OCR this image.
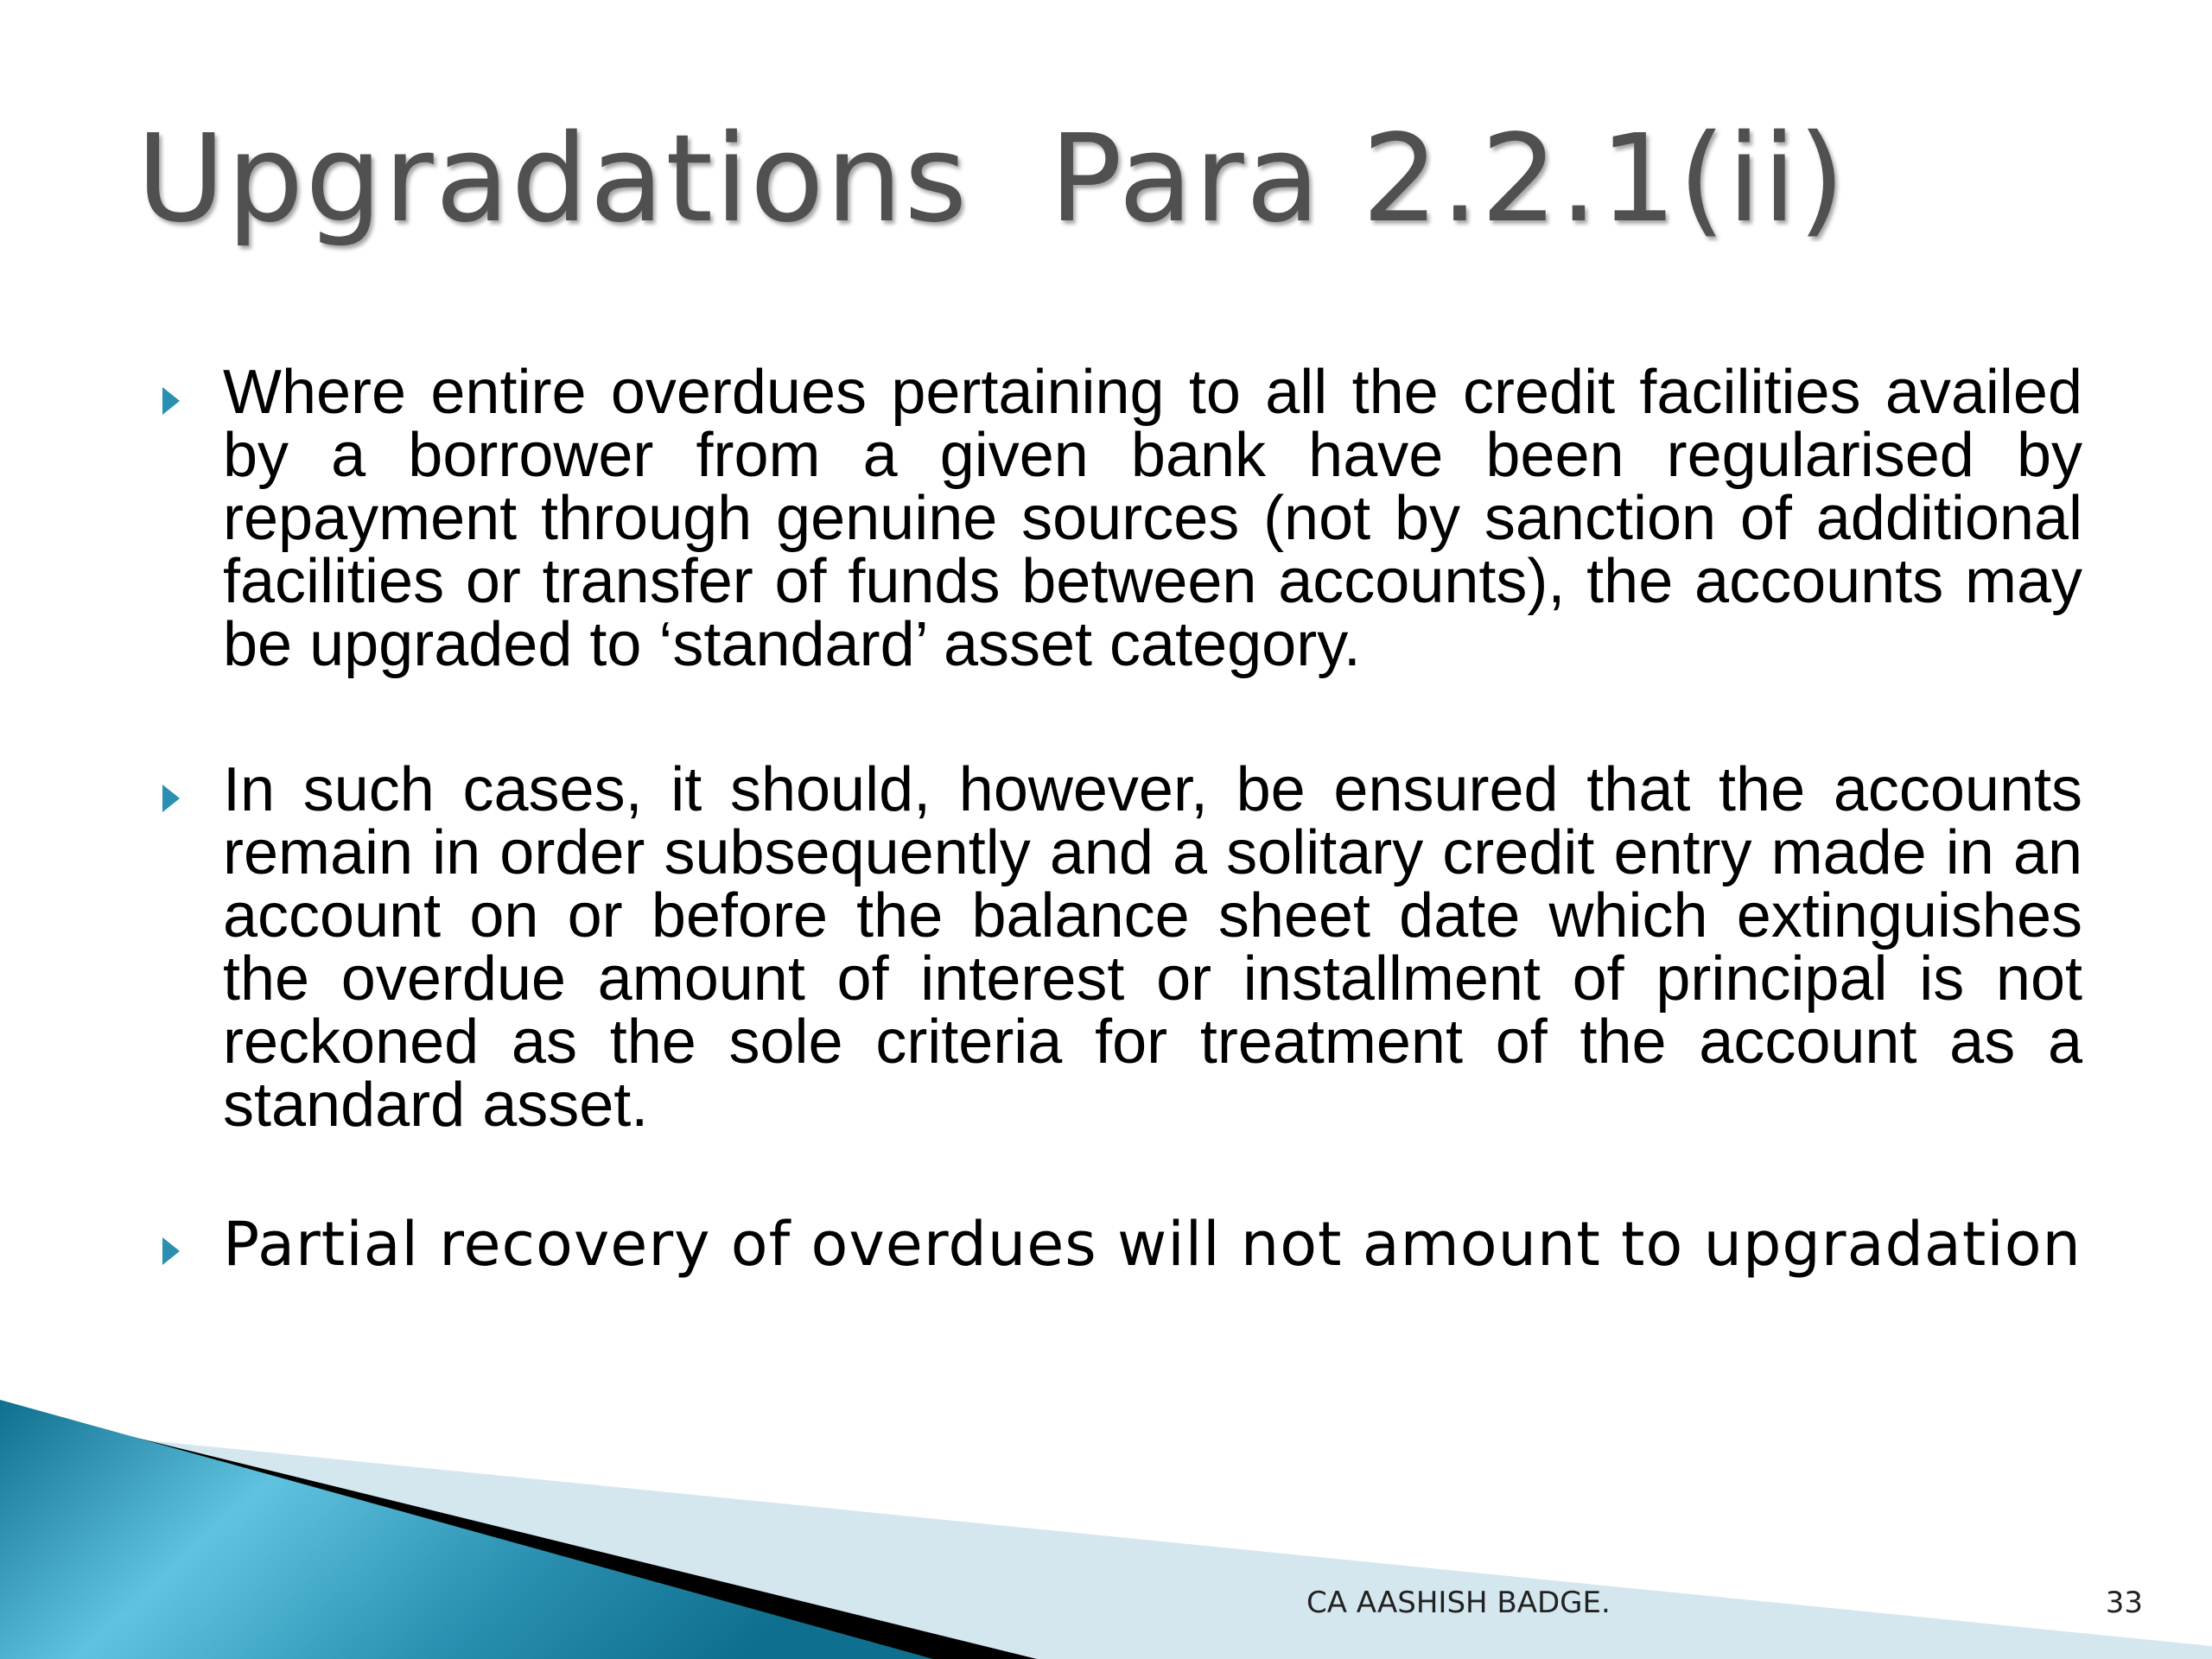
Upgradations  Para 2.2.1(ii)
Where entire overdues pertaining to all the credit facilities availed by a borrower from a given bank have been regularised by repayment through genuine sources (not by sanction of additional facilities or transfer of funds between accounts), the accounts may be upgraded to ‘standard’ asset category.
In such cases, it should, however, be ensured that the accounts remain in order subsequently and a solitary credit entry made in an account on or before the balance sheet date which extinguishes the overdue amount of interest or installment of principal is not reckoned as the sole criteria for treatment of the account as a standard asset.
Partial recovery of overdues will not amount to upgradation
CA AASHISH BADGE.	33
